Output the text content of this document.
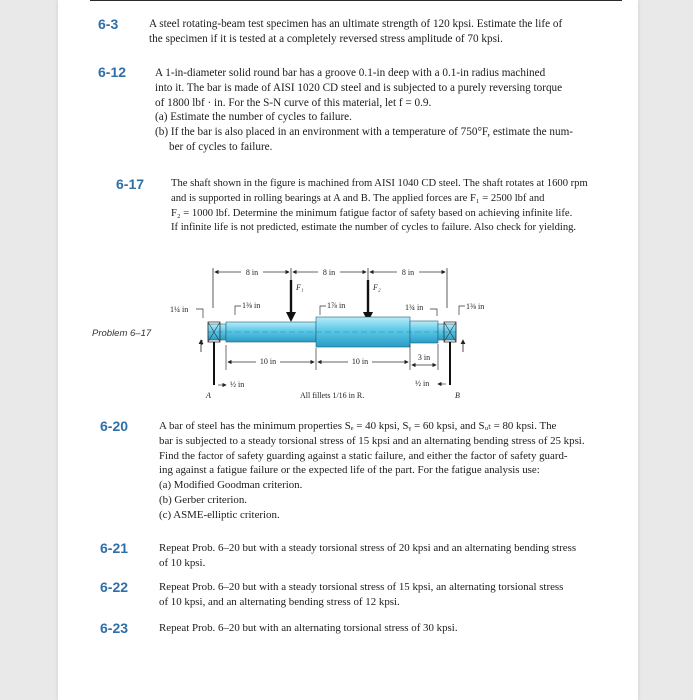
6-3	A steel rotating-beam test specimen has an ultimate strength of 120 kpsi. Estimate the life of
the specimen if it is tested at a completely reversed stress amplitude of 70 kpsi.
6-12	A 1-in-diameter solid round bar has a groove 0.1-in deep with a 0.1-in radius machined
into it. The bar is made of AISI 1020 CD steel and is subjected to a purely reversing torque
of 1800 lbf · in. For the S-N curve of this material, let f = 0.9.
(a) Estimate the number of cycles to failure.
(b) If the bar is also placed in an environment with a temperature of 750°F, estimate the num-
ber of cycles to failure.
6-17	The shaft shown in the figure is machined from AISI 1040 CD steel. The shaft rotates at 1600 rpm
and is supported in rolling bearings at A and B. The applied forces are F₁ = 2500 lbf and
F₂ = 1000 lbf. Determine the minimum fatigue factor of safety based on achieving infinite life.
If infinite life is not predicted, estimate the number of cycles to failure. Also check for yielding.
Problem 6–17
8 in	8 in	8 in
F₁	F₂
1¼ in	1⅜ in	1⅞ in	1¾ in	1⅜ in
10 in	10 in	3 in
½ in	½ in
A	B
All fillets 1/16 in R.
6-20	A bar of steel has the minimum properties Sₑ = 40 kpsi, Sᵧ = 60 kpsi, and Sᵤₜ = 80 kpsi. The
bar is subjected to a steady torsional stress of 15 kpsi and an alternating bending stress of 25 kpsi.
Find the factor of safety guarding against a static failure, and either the factor of safety guard-
ing against a fatigue failure or the expected life of the part. For the fatigue analysis use:
(a) Modified Goodman criterion.
(b) Gerber criterion.
(c) ASME-elliptic criterion.
6-21	Repeat Prob. 6–20 but with a steady torsional stress of 20 kpsi and an alternating bending stress
of 10 kpsi.
6-22	Repeat Prob. 6–20 but with a steady torsional stress of 15 kpsi, an alternating torsional stress
of 10 kpsi, and an alternating bending stress of 12 kpsi.
6-23	Repeat Prob. 6–20 but with an alternating torsional stress of 30 kpsi.
